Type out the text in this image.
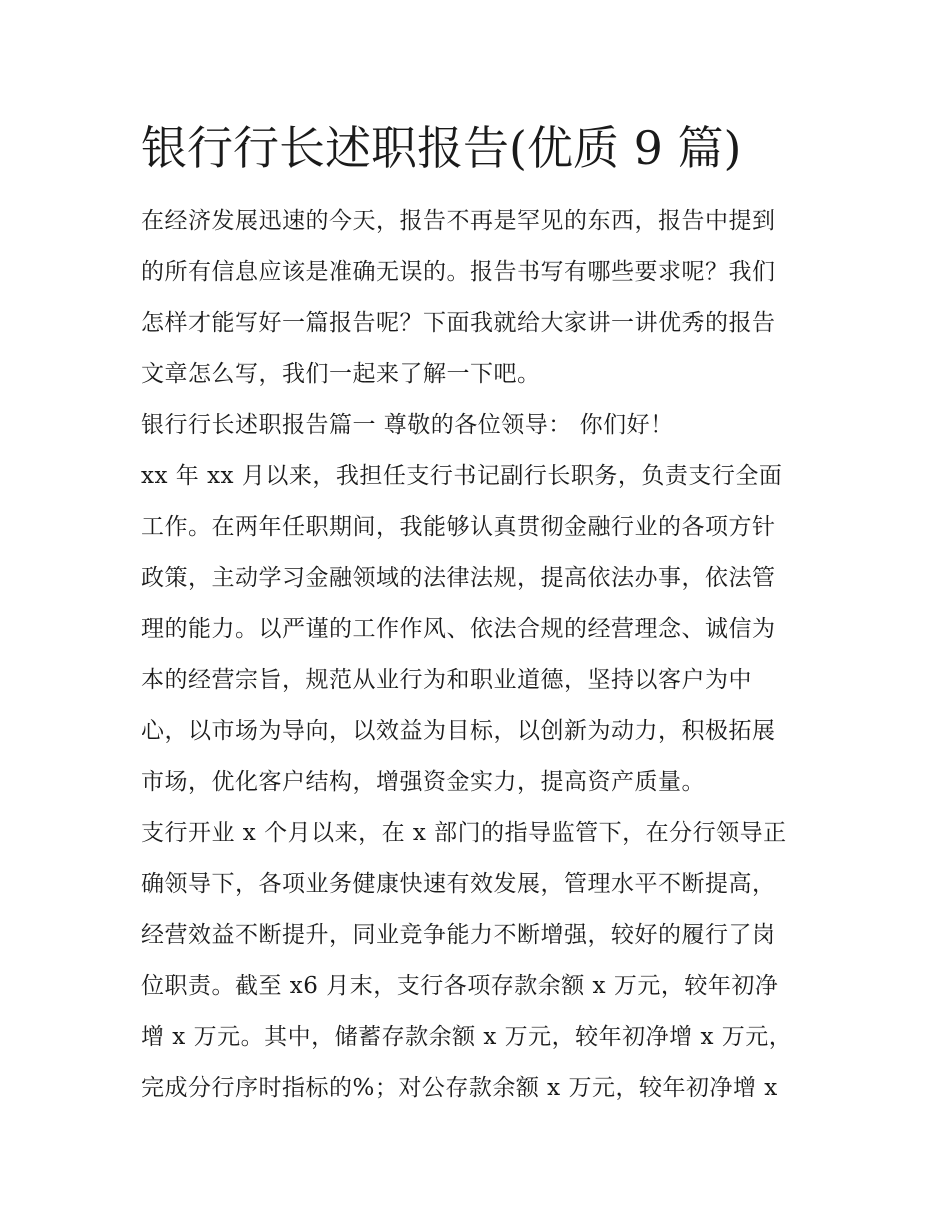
银行行长述职报告(优质 9 篇)

在经济发展迅速的今天，报告不再是罕见的东西，报告中提到
的所有信息应该是准确无误的。报告书写有哪些要求呢？我们
怎样才能写好一篇报告呢？下面我就给大家讲一讲优秀的报告
文章怎么写，我们一起来了解一下吧。

银行行长述职报告篇一 尊敬的各位领导： 你们好！

xx 年 xx 月以来，我担任支行书记副行长职务，负责支行全面
工作。在两年任职期间，我能够认真贯彻金融行业的各项方针
政策，主动学习金融领域的法律法规，提高依法办事，依法管
理的能力。以严谨的工作作风、依法合规的经营理念、诚信为
本的经营宗旨，规范从业行为和职业道德，坚持以客户为中
心，以市场为导向，以效益为目标，以创新为动力，积极拓展
市场，优化客户结构，增强资金实力，提高资产质量。

支行开业 x 个月以来，在 x 部门的指导监管下，在分行领导正
确领导下，各项业务健康快速有效发展，管理水平不断提高，
经营效益不断提升，同业竞争能力不断增强，较好的履行了岗
位职责。截至 x6 月末，支行各项存款余额 x 万元，较年初净
增 x 万元。其中，储蓄存款余额 x 万元，较年初净增 x 万元，
完成分行序时指标的%；对公存款余额 x 万元，较年初净增 x
